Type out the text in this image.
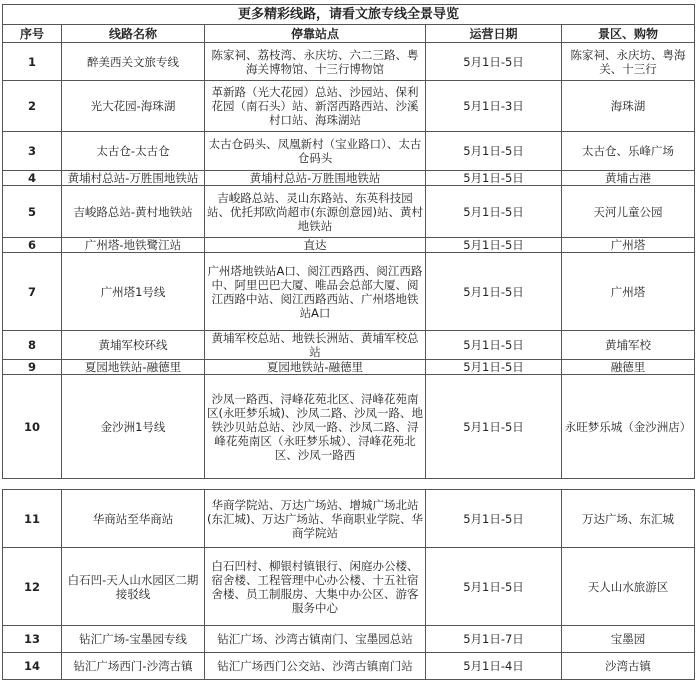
更多精彩线路，请看文旅专线全景导览				
序号	线路名称	停靠站点	运营日期	景区、购物
1	醉美西关文旅专线	陈家祠、荔枝湾、永庆坊、六二三路、粤海关博物馆、十三行博物馆	5月1日-5日	陈家祠、永庆坊、粤海关、十三行
2	光大花园-海珠湖	革新路（光大花园）总站、沙园站、保利花园（南石头）站、新滘西路西站、沙溪村口站、海珠湖站	5月1日-3日	海珠湖
3	太古仓-太古仓	太古仓码头、凤凰新村（宝业路口）、太古仓码头	5月1日-5日	太古仓、乐峰广场
4	黄埔村总站-万胜围地铁站	黄埔村总站-万胜围地铁站	5月1日-5日	黄埔古港
5	吉峻路总站-黄村地铁站	吉峻路总站、灵山东路站、东英科技园站、优托邦欧尚超市(东源创意园)站、黄村地铁站	5月1日-5日	天河儿童公园
6	广州塔-地铁鹭江站	直达	5月1日-5日	广州塔
7	广州塔1号线	广州塔地铁站A口、阅江西路西、阅江西路中、阿里巴巴大厦、唯品会总部大厦、阅江西路中站、阅江西路西站、广州塔地铁站A口	5月1日-5日	广州塔
8	黄埔军校环线	黄埔军校总站、地铁长洲站、黄埔军校总站	5月1日-5日	黄埔军校
9	夏园地铁站-融德里	夏园地铁站-融德里	5月1日-5日	融德里
10	金沙洲1号线	沙凤一路西、浔峰花苑北区、浔峰花苑南区(永旺梦乐城)、沙凤二路、沙凤一路、地铁沙贝站总站、沙凤一路、沙凤二路、浔峰花苑南区（永旺梦乐城）、浔峰花苑北区、沙凤一路西	5月1日-5日	永旺梦乐城（金沙洲店）
11	华商站至华商站	华商学院站、万达广场站、增城广场北站(东汇城)、万达广场站、华商职业学院、华商学院站	5月1日-5日	万达广场、东汇城
12	白石凹-天人山水园区二期接驳线	白石凹村、柳银村镇银行、闲庭办公楼、宿舍楼、工程管理中心办公楼、十五社宿舍楼、员工制服房、大集中办公区、游客服务中心	5月1日-5日	天人山水旅游区
13	钻汇广场-宝墨园专线	钻汇广场、沙湾古镇南门、宝墨园总站	5月1日-7日	宝墨园
14	钻汇广场西门-沙湾古镇	钻汇广场西门公交站、沙湾古镇南门站	5月1日-4日	沙湾古镇
